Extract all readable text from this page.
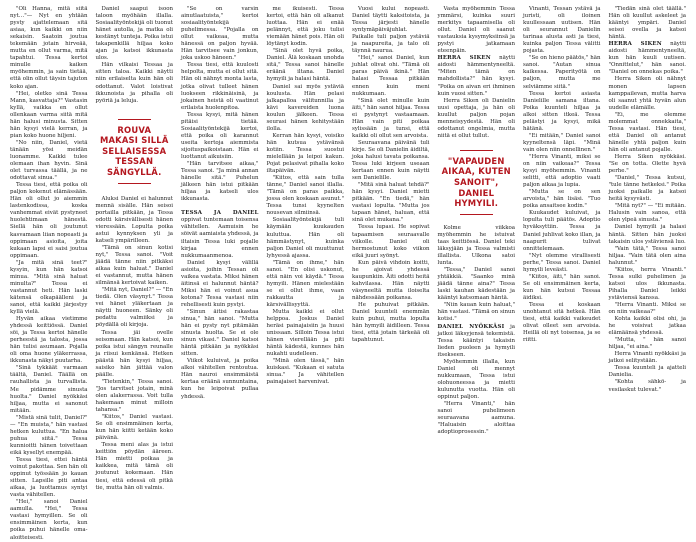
"Oli Hanna, mitä siitä nyt…"— Nyt en yhtään pysty ajattelemaan sitä asiaa, kun kaikki on niin sekaisin. Saatoin joutua tekemään jotain hirveää, mutta en ollut varma, mitä tapahtui. Tessa kertoi minulle kaiken myöhemmin, ja sain tietää, että olin ollut täysin tajuton koko ajan.

"Hei, oletko sinä Tessa Mann, kasvattaja?" Vastasin kyllä, vaikka en ollut ollenkaan varma siitä mitä hän halusi minusta. Sitten hän kysyi vielä kerran, ja pian koko huone hiljeni.

"No niin, Daniel, vietä tänään yösi meidän luonamme. Kaikki tulee olemaan ihan hyvin. Sinä olet turvassa täällä, ja ne odottavat sinua."

Tessa tiesi, että poika oli paljon kokenut elämässään. Hän oli ollut jo aiemmin lastenkodissa, koska vanhemmat eivät pystyneet huolehtimaan hänestä. Siellä hän oli joutunut kasvamaan liian nopeasti ja oppimaan asioita, joita kukaan lapsi ei saisi joutua oppimaan.

"Ja mitä sinä teet?" kysyin, kun hän katsoi minua. "Mitä sinä haluat minulta?" Tessa ei vastannut heti. Hän laski kätensä olkapäälleni ja sanoi, että kaikki järjestyy kyllä vielä.

Hyvän aikaa vietimme yhdessä keittiössä. Daniel söi, ja Tessa kertoi hänelle perheestä ja talosta, jossa hän tulisi asumaan. Pojalla oli oma huone yläkerrassa, ikkunasta näkyi puutarha.

"Sinä tykkäät varmaan täältä, Daniel. Täällä on rauhallista ja turvallista. Me pidämme sinusta huolta." Daniel nyökkäsi hiljaa, mutta ei sanonut mitään.

"Mistä sinä tulit, Daniel?" — "En muista," hän vastasi hetken kuluttua. "En halua puhua siitä." Tessa kunnioitti hänen toivettaan eikä kysellyt enempää.

Tessa tiesi, ettei häntä voinut pakottaa. Sen hän oli oppinut työssään jo kauan sitten. Lapsille piti antaa aikaa, ja luottamus syntyi vasta vähitellen.

"Hei," sanoi Daniel aamulla. "Hei," Tessa vastasi hymyillen. Se oli ensimmäinen kerta, kun poika puhui hänelle oma-aloitteisesti.

Daniel saapui isoon taloon myöhään illalla. Sosiaalityöntekijä oli tuonut hänet autolla, ja matka oli kestänyt tunteja. Poika istui takapenkillä hiljaa koko ajan ja katsoi ikkunasta ulos.

Hän vilkaisi Tessaa ja sitten taloa. Kaikki näytti niin erilaiselta kuin hän oli odottanut. Valot loistivat ikkunoista ja pihalla oli pyöriä ja leluja.

ROUVA MAKASI SILLÄ SELLAISESSA TESSAN SÄNGYLLÄ.

Aluksi Daniel ei halunnut mennä sisälle. Hän seisoi portailla pitkään, ja Tessa odotti kärsivällisesti hänen vieressään. Lopulta poika astui kynnyksen yli ja katseli ympärilleen.

"Tämä on sinun kotisi nyt," Tessa sanoi. "Voit jäädä tänne niin pitkäksi aikaa kuin haluat." Daniel ei vastannut, mutta hänen silmänsä kertoivat kaiken.

"Mitä nyt, Daniel?" — "En tiedä. Olen väsynyt." Tessa vei hänet yläkertaan ja näytti huoneen. Sänky oli pedattu valmiiksi ja pöydällä oli kirjoja.

Tessa jäi ovelle seisomaan. Hän katsoi, kun poika istui sängyn reunalle ja riisui kenkänsä. Hetken päästä hän kysyi hiljaa, saisiko hän jättää valon päälle.

"Tietenkin," Tessa sanoi. "Jos tarvitset jotain, minä olen alakerrassa. Voit tulla hakemaan minut milloin tahansa."

"Kiitos," Daniel vastasi. Se oli ensimmäinen kerta, kun hän kiitti ketään koko päivänä.

Tessa meni alas ja istui keittiön pöydän ääreen. Hän mietti poikaa ja kaikkea, mitä tämä oli joutunut kokemaan. Hän tiesi, että edessä oli pitkä tie, mutta hän oli valmis.

"Se on varsin ainutlaatuista," kertoi sosiaalityöntekijä puhelimessa. "Pojalla on ollut vaikeaa, mutta hänessä on paljon hyvää. Hän tarvitsee vain jonkun, joka uskoo häneen."

Tessa tiesi, että kuulosti helpolta, mutta ei ollut sitä. Hän oli nähnyt monta lasta, jotka olivat tulleet hänen luokseen rikkinäisinä, ja jokainen heistä oli vaatinut erilaista huolenpitoa.

Tessa kysyi, mitä hänen pitäisi tietää. Sosiaalityöntekijä kertoi, että poika oli karannut useita kertoja aiemmista sijoituspaikoistaan. Hän ei luottanut aikuisiin.

"Hän tarvitsee aikaa," Tessa sanoi. "Ja minä annan hänelle sitä." Puhelun jälkeen hän istui pitkään hiljaa ja katseli ulos ikkunasta.

TESSA JA DANIEL oppivat tuntemaan toisensa vähitellen. Aamuisin he söivät aamiaista yhdessä, ja iltaisin Tessa luki pojalle kirjaa ennen nukkumaanmenoa.

Daniel kysyi välillä asioita, joihin Tessan oli vaikea vastata. Miksi hänen äitinsä ei halunnut häntä? Miksi hän ei voinut asua kotona? Tessa vastasi niin rehellisesti kuin pystyi.

"Sinun äitisi rakastaa sinua," hän sanoi. "Mutta hän ei pysty nyt pitämään sinusta huolta. Se ei ole sinun vikasi." Daniel katsoi häntä pitkään ja nyökkäsi sitten.

Viikot kuluivat, ja poika alkoi vähitellen rentoutua. Hän nauroi ensimmäistä kertaa eräänä sunnuntaina, kun he leipoivat pullaa yhdessä.

me ikuisesti. Tessa kertoi, että hän oli alkanut luottaa. Hän ei enää pelännyt, että joku tulisi viemään hänet pois. Hän oli löytänyt kodin.

"Sinä olet hyvä poika, Daniel. Älä koskaan unohda sitä," Tessa sanoi hänelle eräänä iltana. Daniel hymyili ja halasi häntä.

Daniel sai myös ystäviä koulusta. Hän pelasi jalkapalloa välitunnilla ja kävi kavereiden luona koulun jälkeen. Tessa seurasi hänen kehitystään ilolla.

Kerran hän kysyi, voisiko hän kutsua ystävänsä kotiin. Tessa suostui mielellään ja leipoi kakun. Pojat pelasivat pihalla koko iltapäivän.

"Kiitos, että sain tulla tänne," Daniel sanoi illalla. "Tämä on paras paikka, jossa olen koskaan asunut." Tessa tunsi kyynelten nousevan silmiinsä.

Sosiaalityöntekijä tuli käymään kuukauden kuluttua. Hän oli hämmästynyt, kuinka paljon Daniel oli muuttunut lyhyessä ajassa.

"Tämä on ihme," hän sanoi. "En olisi uskonut, että näin voi käydä." Tessa hymyili. Hänen mielestään se ei ollut ihme, vaan rakkautta ja kärsivällisyyttä.

Mutta kaikki ei ollut helppoa. Joskus Daniel heräsi painajaisiin ja huusi unissaan. Silloin Tessa istui hänen vierellään ja piti häntä kädestä, kunnes hän nukahti uudelleen.

"Minä olen tässä," hän kuiskasi. "Kukaan ei satuta sinua." Ja vähitellen painajaiset harvenivat.

Vuosi kului nopeasti. Daniel täytti kaksitoista, ja Tessa järjesti hänelle syntymäpäiväjuhlat. Paikalle tuli paljon ystäviä ja naapureita, ja talo oli täynnä naurua.

"Hei," sanoi Daniel, kun juhlat olivat ohi. "Tämä oli paras päivä ikinä." Hän halasi Tessaa pitkään ennen kuin meni nukkumaan.

"Sinä olet minulle kuin äiti," hän sanoi hiljaa. Tessa ei pystynyt vastaamaan. Hän vain piti poikaa sylissään ja tunsi, että kaikki oli ollut sen arvoista.

Seuraavana päivänä tuli kirje. Se oli Danielin äidiltä, joka halusi tavata poikansa. Tessa luki kirjeen useaan kertaan ennen kuin näytti sen Danielille.

"Mitä sinä haluat tehdä?" hän kysyi. Daniel mietti pitkään. "En tiedä," hän vastasi lopulta. "Mutta jos tapaan hänet, haluan, että sinä olet mukana."

Tessa lupasi. He sopivat tapaamisen seuraavalle viikolle. Daniel oli hermostunut koko viikon eikä juuri syönyt.

Kun päivä vihdoin koitti, he ajoivat yhdessä kaupunkiin. Äiti odotti heitä kahvilassa. Hän näytti väsyneeltä mutta iloiselta nähdessään poikansa.

He puhuivat pitkään. Daniel kuunteli enemmän kuin puhui, mutta lopulta hän hymyili äidilleen. Tessa tiesi, että jotain tärkeää oli tapahtunut.

Vasta myöhemmin Tessa ymmärsi, kuinka suuri merkitys tapaamisella oli ollut. Daniel oli saanut vastauksia kysymyksiinsä ja pystyi jatkamaan eteenpäin.

HERRA SIKEN näytti aidosti hämmentyneeltä. "Miten tämä on mahdollista?" hän kysyi. "Poika on aivan eri ihminen kuin vuosi sitten."

Herra Siken oli Danielin uusi opettaja, ja hän oli kuullut paljon pojan menneisyydestä. Hän oli odottanut ongelmia, mutta niitä ei ollut tullut.

"VAPAUDEN AIKAA, KUTEN SANOIT", DANIEL HYMYILI.

Kolme viikkoa myöhemmin he istuivat taas keittiössä. Daniel teki läksyjään ja Tessa valmisti illallista. Ulkona satoi lunta.

"Tessa," Daniel sanoi yhtäkkiä. "Saanko minä jäädä tänne aina?" Tessa laski kauhan kädestään ja kääntyi katsomaan häntä.

"Niin kauan kuin haluat," hän vastasi. "Tämä on sinun kotisi."

DANIEL NYÖKKÄSI ja jatkoi läksyjensä tekemistä. Tessa kääntyi takaisin lieden puoleen ja hymyili itsekseen.

Myöhemmin illalla, kun Daniel oli mennyt nukkumaan, Tessa istui olohuoneessa ja mietti kulunutta vuotta. Hän oli oppinut paljon.

"Herra Vinanti," hän sanoi puhelimeen seuraavana aamuna. "Haluaisin aloittaa adoptioprosessin."

Vinanti, Tessan ystävä ja juristi, oli iloinen kuullessaan uutisen. Hän oli seurannut Danielin tarinaa alusta asti ja tiesi, kuinka paljon Tessa välitti pojasta.

"Se on hieno päätös," hän sanoi. "Autan sinua kaikessa. Paperityötä on paljon, mutta me selviämme siitä."

Tessa kertoi asiasta Danielille samana iltana. Poika kuunteli hiljaa ja alkoi sitten itkeä. Tessa pelästyi ja kysyi, mikä hätänä.

"Ei mitään," Daniel sanoi kyyneltensä läpi. "Minä vain olen niin onnellinen."

"Herra Vinanti, miksi se on niin vaikeaa?" Tessa kysyi myöhemmin. Vinanti selitti, että adoptio vaati paljon aikaa ja lupia.

"Mutta se on sen arvoista," hän lisäsi. "Tuo poika ansaitsee kodin."

Kuukaudet kuluivat, ja lopulta tuli päätös. Adoptio hyväksyttiin. Tessa ja Daniel juhlivat koko illan, ja naapurit tulivat onnittelemaan.

"Nyt olemme virallisesti perhe," Tessa sanoi. Daniel hymyili leveästi.

"Kiitos, äiti," hän sanoi. Se oli ensimmäinen kerta, kun hän kutsui Tessaa äidiksi.

Tessa ei koskaan unohtanut sitä hetkeä. Hän tiesi, että kaikki vaikeudet olivat olleet sen arvoisia. Heillä oli nyt toisensa, ja se riitti.

"Tiedän sinä olet täällä." Hän oli kuullut askeleet ja kääntyi ympäri. Daniel seisoi ovella ja katsoi häntä.

HERRA SIKEN näytti aidosti hämmentyneeltä, kun hän kuuli uutisen. "Onnittelut," hän sanoi. "Daniel on onnekas poika."

Herra Siken oli nähnyt monen lapsen kamppailevan, mutta harva oli saanut yhtä hyvän alun uudelle elämälle.

"Ei, me olemme molemmat onnekkaita," Tessa vastasi. Hän tiesi, että Daniel oli antanut hänelle yhtä paljon kuin hän oli antanut pojalle.

Herra Siken nyökkäsi. "Se on totta. Olette hyvä perhe."

"Daniel," Tessa kutsui, "tule tänne hetkeksi." Poika juoksi paikalle ja katsoi heitä kysyvästi.

"Mitä nyt?" — "Ei mitään. Halusin vain sanoa, että olen ylpeä sinusta."

Daniel hymyili ja halasi häntä. Sitten hän juoksi takaisin ulos ystäviensä luo.

"Vain tätä," Tessa sanoi hiljaa. "Vain tätä olen aina halunnut."

"Kiitos, herra Vinanti." Tessa sulki puhelimen ja katsoi ulos ikkunasta. Pihalla Daniel leikki ystäviensä kanssa.

"Herra Vinanti. Miksi se on niin vaikeaa?"

Kohta kaikki olisi ohi, ja he voisivat jatkaa elämäänsä yhdessä.

"Mutta, " hän sanoi hiljaa, "ei aina."

Herra Vinanti nyökkäsi ja jatkoi selitystään.

Tessa kuunteli ja ajatteli Danielia.

"Kohta sähkö- ja vesilaskut tulevat."
